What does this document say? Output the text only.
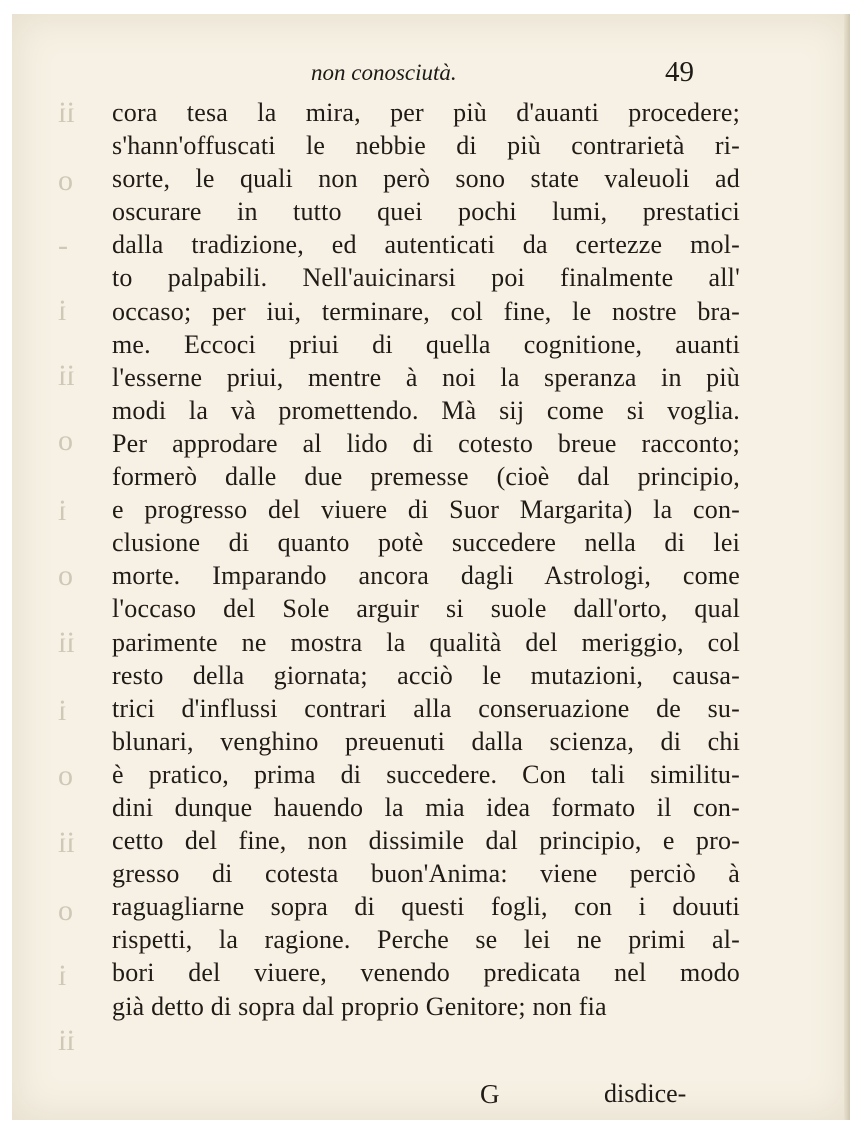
ii
o
-
i
ii
o
i
o
ii
i
o
ii
o
i
ii
non conosciutà.	49
cora tesa la mira, per più d'auanti procedere;
s'hann'offuscati le nebbie di più contrarietà ri-
sorte, le quali non però sono state valeuoli ad
oscurare in tutto quei pochi lumi, prestatici
dalla tradizione, ed autenticati da certezze mol-
to palpabili. Nell'auicinarsi poi finalmente all'
occaso; per iui, terminare, col fine, le nostre bra-
me. Eccoci priui di quella cognitione, auanti
l'esserne priui, mentre à noi la speranza in più
modi la và promettendo. Mà sij come si voglia.
Per approdare al lido di cotesto breue racconto;
formerò dalle due premesse (cioè dal principio,
e progresso del viuere di Suor Margarita) la con-
clusione di quanto potè succedere nella di lei
morte. Imparando ancora dagli Astrologi, come
l'occaso del Sole arguir si suole dall'orto, qual
parimente ne mostra la qualità del meriggio, col
resto della giornata; acciò le mutazioni, causa-
trici d'influssi contrari alla conseruazione de su-
blunari, venghino preuenuti dalla scienza, di chi
è pratico, prima di succedere. Con tali similitu-
dini dunque hauendo la mia idea formato il con-
cetto del fine, non dissimile dal principio, e pro-
gresso di cotesta buon'Anima: viene perciò à
raguagliarne sopra di questi fogli, con i douuti
rispetti, la ragione. Perche se lei ne primi al-
bori del viuere, venendo predicata nel modo
già detto di sopra dal proprio Genitore; non fia
G	disdice-
